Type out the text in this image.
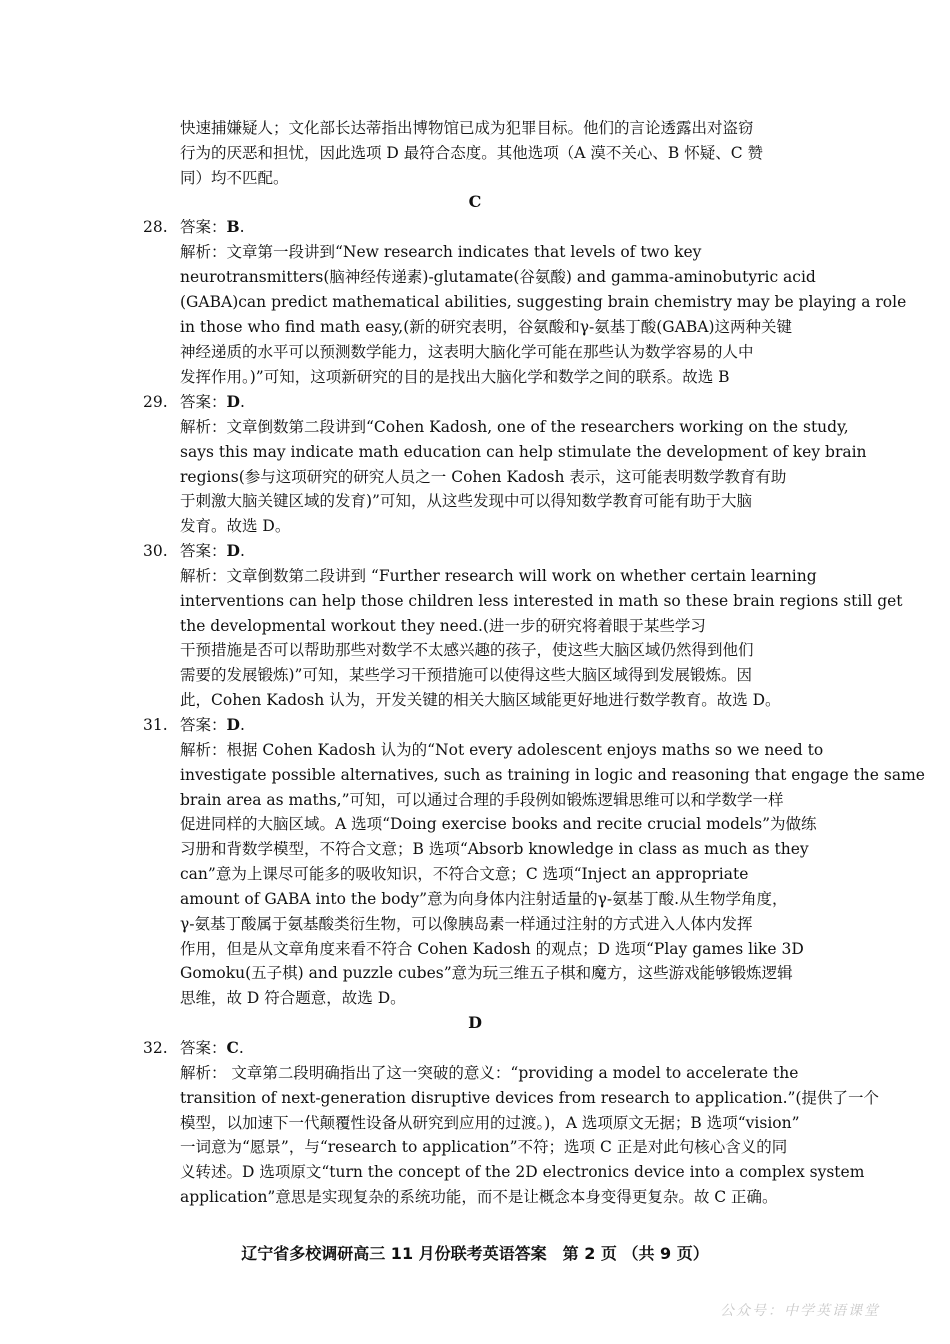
快速捕嫌疑人；文化部长达蒂指出博物馆已成为犯罪目标。他们的言论透露出对盗窃
行为的厌恶和担忧，因此选项 D 最符合态度。其他选项（A 漠不关心、B 怀疑、C 赞
同）均不匹配。
C
28. 答案：B.
解析：文章第一段讲到“New research indicates that levels of two key
neurotransmitters(脑神经传递素)-glutamate(谷氨酸) and gamma-aminobutyric acid
(GABA)can predict mathematical abilities, suggesting brain chemistry may be playing a role
in those who find math easy,(新的研究表明，谷氨酸和γ-氨基丁酸(GABA)这两种关键
神经递质的水平可以预测数学能力，这表明大脑化学可能在那些认为数学容易的人中
发挥作用。)”可知，这项新研究的目的是找出大脑化学和数学之间的联系。故选 B
29. 答案：D.
解析：文章倒数第二段讲到“Cohen Kadosh, one of the researchers working on the study,
says this may indicate math education can help stimulate the development of key brain
regions(参与这项研究的研究人员之一 Cohen Kadosh 表示，这可能表明数学教育有助
于刺激大脑关键区域的发育)”可知，从这些发现中可以得知数学教育可能有助于大脑
发育。故选 D。
30. 答案：D.
解析：文章倒数第二段讲到 “Further research will work on whether certain learning
interventions can help those children less interested in math so these brain regions still get
the developmental workout they need.(进一步的研究将着眼于某些学习
干预措施是否可以帮助那些对数学不太感兴趣的孩子，使这些大脑区域仍然得到他们
需要的发展锻炼)”可知，某些学习干预措施可以使得这些大脑区域得到发展锻炼。因
此，Cohen Kadosh 认为，开发关键的相关大脑区域能更好地进行数学教育。故选 D。
31. 答案：D.
解析：根据 Cohen Kadosh 认为的“Not every adolescent enjoys maths so we need to
investigate possible alternatives, such as training in logic and reasoning that engage the same
brain area as maths,”可知，可以通过合理的手段例如锻炼逻辑思维可以和学数学一样
促进同样的大脑区域。A 选项“Doing exercise books and recite crucial models”为做练
习册和背数学模型，不符合文意；B 选项“Absorb knowledge in class as much as they
can”意为上课尽可能多的吸收知识，不符合文意；C 选项“Inject an appropriate
amount of GABA into the body”意为向身体内注射适量的γ-氨基丁酸.从生物学角度，
γ-氨基丁酸属于氨基酸类衍生物，可以像胰岛素一样通过注射的方式进入人体内发挥
作用，但是从文章角度来看不符合 Cohen Kadosh 的观点；D 选项“Play games like 3D
Gomoku(五子棋) and puzzle cubes”意为玩三维五子棋和魔方，这些游戏能够锻炼逻辑
思维，故 D 符合题意，故选 D。
D
32. 答案：C.
解析： 文章第二段明确指出了这一突破的意义：“providing a model to accelerate the
transition of next-generation disruptive devices from research to application.”(提供了一个
模型，以加速下一代颠覆性设备从研究到应用的过渡。)，A 选项原文无据；B 选项“vision”
一词意为“愿景”，与“research to application”不符；选项 C 正是对此句核心含义的同
义转述。D 选项原文“turn the concept of the 2D electronics device into a complex system
application”意思是实现复杂的系统功能，而不是让概念本身变得更复杂。故 C 正确。
辽宁省多校调研高三 11 月份联考英语答案　第 2 页 （共 9 页）
公众号：中学英语课堂
